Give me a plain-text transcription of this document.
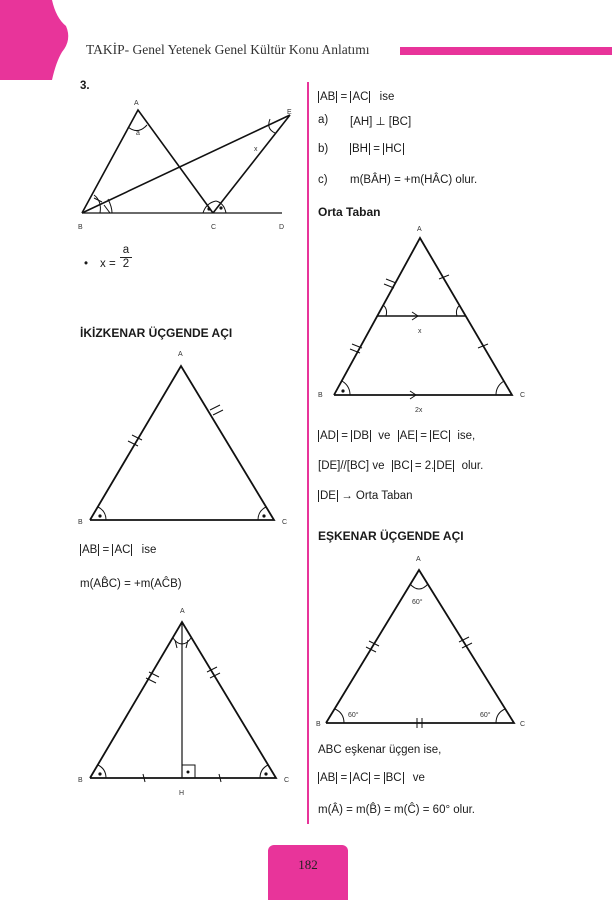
TAKİP- Genel Yetenek Genel Kültür Konu Anlatımı
3.
A
E
B	C	D
a
x
• $x = \frac{a}{2}$
İKİZKENAR ÜÇGENDE AÇI
A
B	C
AB = AC ise
m(AB̂C) = +m(AĈB)
A
B	C
H
AB = AC ise
a) [AH] ⊥ [BC]
b) BH = HC
c) m(BÂH) = +m(HÂC) olur.
Orta Taban
A
B	C
x
2x
AD = DB ve AE = EC ise,
[DE]//[BC] ve BC = 2. DE olur.
DE → Orta Taban
EŞKENAR ÜÇGENDE AÇI
A
B	C
60°
60°	60°
ABC eşkenar üçgen ise,
AB = AC = BC ve
m(Â) = m(B̂) = m(Ĉ) = 60° olur.
182
